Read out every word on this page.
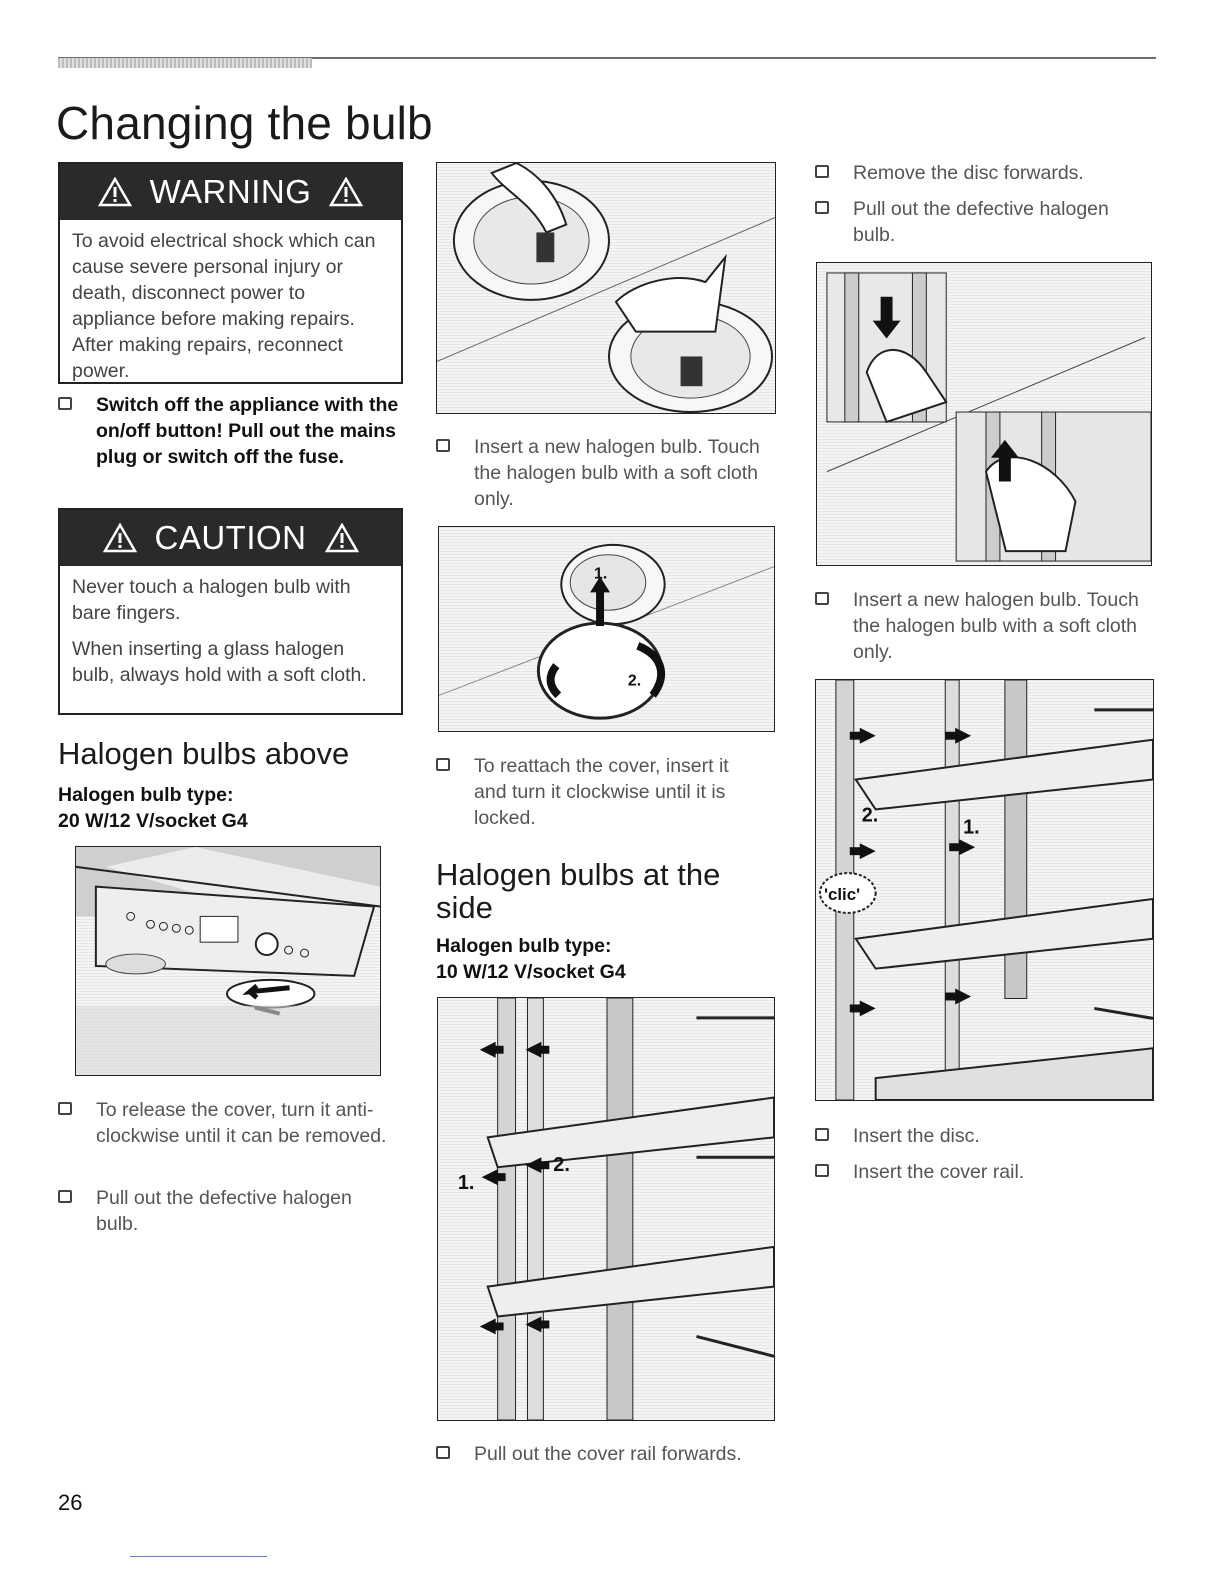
Changing the bulb
WARNING

To avoid electrical shock which can cause severe personal injury or death, disconnect power to appliance before making repairs. After making repairs, reconnect power.

Switch off the appliance with the on/off button! Pull out the mains plug or switch off the fuse.
CAUTION

Never touch a halogen bulb with bare fingers.

When inserting a glass halogen bulb, always hold with a soft cloth.

Halogen bulbs above
Halogen bulb type:
20 W/12 V/socket G4
To release the cover, turn it anti-clockwise until it can be removed.
Pull out the defective halogen bulb.
Insert a new halogen bulb. Touch the halogen bulb with a soft cloth only.
1.
2.
To reattach the cover, insert it and turn it clockwise until it is locked.
Halogen bulbs at the side
Halogen bulb type:
10 W/12 V/socket G4
1.
2.
Pull out the cover rail forwards.
Remove the disc forwards.
Pull out the defective halogen bulb.
Insert a new halogen bulb. Touch the halogen bulb with a soft cloth only.
'clic'
2.
1.
Insert the disc.
Insert the cover rail.
26
